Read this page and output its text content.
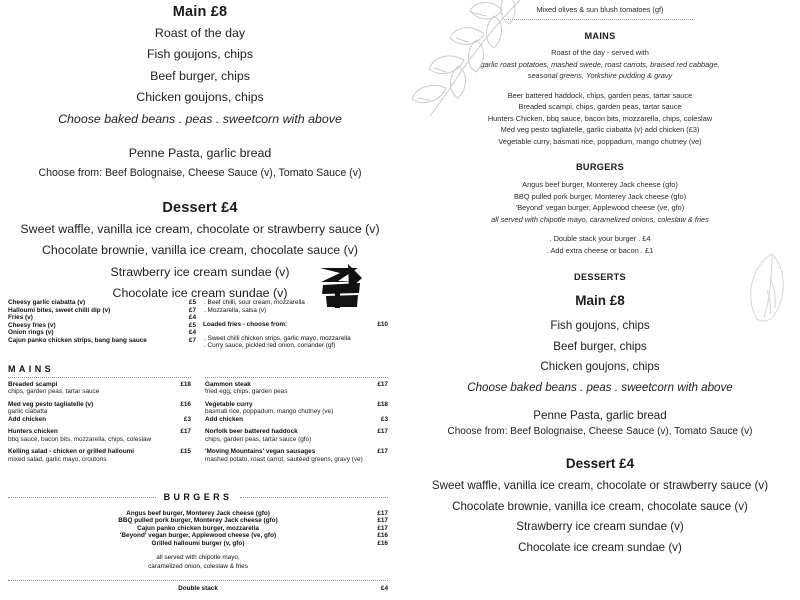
Main £8
Roast of the day
Fish goujons, chips
Beef burger, chips
Chicken goujons, chips
Choose baked beans . peas . sweetcorn with above
Penne Pasta, garlic bread
Choose from: Beef Bolognaise, Cheese Sauce (v), Tomato Sauce (v)
Dessert £4
Sweet waffle, vanilla ice cream, chocolate or strawberry sauce (v)
Chocolate brownie, vanilla ice cream, chocolate sauce (v)
Strawberry ice cream sundae (v)
Chocolate ice cream sundae (v)
Cheesy garlic ciabatta (v)	£5
Halloumi bites, sweet chilli dip (v)	£7
Fries (v)	£4
Cheesy fries (v)	£5
Onion rings (v)	£4
Cajun panko chicken strips, bang bang sauce	£7
. Beef chilli, sour cream, mozzarella
. Mozzarella, salsa (v)
Loaded fries - choose from:	£10
. Sweet chilli chicken strips, garlic mayo, mozzarella
. Curry sauce, pickled red onion, coriander (gf)
MAINS
Breaded scampi	£18
chips, garden peas, tartar sauce
Med veg pesto tagliatelle (v)	£16
garlic ciabatta
Add chicken	£3
Hunters chicken	£17
bbq sauce, bacon bits, mozzarella, chips, coleslaw
Kelling salad - chicken or grilled halloumi	£15
mixed salad, garlic mayo, croutons
Gammon steak	£17
fried egg, chips, garden peas
Vegetable curry	£18
basmati rice, poppadum, mango chutney (ve)
Add chicken	£3
Norfolk beer battered haddock	£17
chips, garden peas, tartar sauce (gfo)
'Moving Mountains' vegan sausages	£17
mashed potato, roast carrot, sautéed greens, gravy (ve)
BURGERS
Angus beef burger, Monterey Jack cheese (gfo)	£17
BBQ pulled pork burger, Monterey Jack cheese (gfo)	£17
Cajun panko chicken burger, mozzarella	£17
'Beyond' vegan burger, Applewood cheese (ve, gfo)	£16
Grilled halloumi burger (v, gfo)	£16
all served with chipotle mayo,
caramelized onion, coleslaw & fries
Double stack	£4
Mixed olives & sun blush tomatoes (gf)
MAINS
Roast of the day - served with
garlic roast potatoes, mashed swede, roast carrots, braised red cabbage,
seasonal greens, Yorkshire pudding & gravy
Beer battered haddock, chips, garden peas, tartar sauce
Breaded scampi, chips, garden peas, tartar sauce
Hunters Chicken, bbq sauce, bacon bits, mozzarella, chips, coleslaw
Med veg pesto tagliatelle, garlic ciabatta (v) add chicken (£3)
Vegetable curry, basmati rice, poppadum, mango chutney (ve)
BURGERS
Angus beef burger, Monterey Jack cheese (gfo)
BBQ pulled pork burger, Monterey Jack cheese (gfo)
'Beyond' vegan burger, Applewood cheese (ve, gfo)
all served with chipotle mayo, caramelized onions, coleslaw & fries
. Double stack your burger . £4
. Add extra cheese or bacon . £1
DESSERTS
Main £8
Fish goujons, chips
Beef burger, chips
Chicken goujons, chips
Choose baked beans . peas . sweetcorn with above
Penne Pasta, garlic bread
Choose from: Beef Bolognaise, Cheese Sauce (v), Tomato Sauce (v)
Dessert £4
Sweet waffle, vanilla ice cream, chocolate or strawberry sauce (v)
Chocolate brownie, vanilla ice cream, chocolate sauce (v)
Strawberry ice cream sundae (v)
Chocolate ice cream sundae (v)
